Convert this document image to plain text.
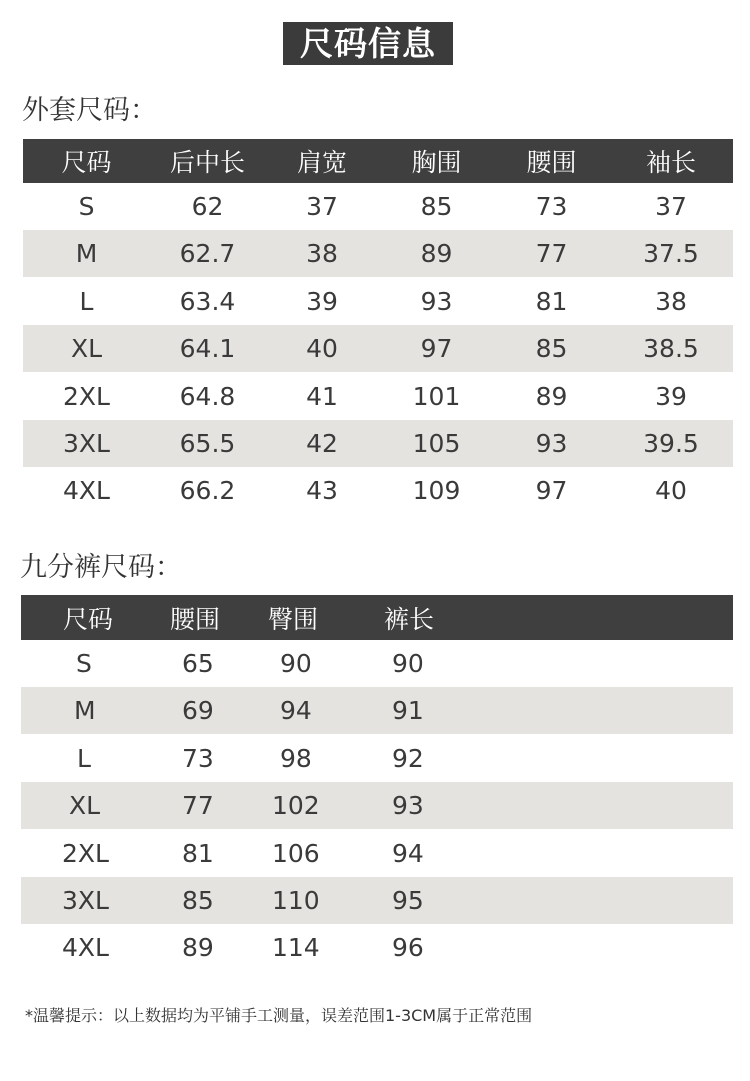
尺码信息
外套尺码：
尺码	后中长	肩宽	胸围	腰围	袖长
S	62	37	85	73	37
M	62.7	38	89	77	37.5
L	63.4	39	93	81	38
XL	64.1	40	97	85	38.5
2XL	64.8	41	101	89	39
3XL	65.5	42	105	93	39.5
4XL	66.2	43	109	97	40
九分裤尺码：
尺码	腰围	臀围	裤长
S	65	90	90
M	69	94	91
L	73	98	92
XL	77	102	93
2XL	81	106	94
3XL	85	110	95
4XL	89	114	96
*温馨提示：以上数据均为平铺手工测量，误差范围1-3CM属于正常范围
